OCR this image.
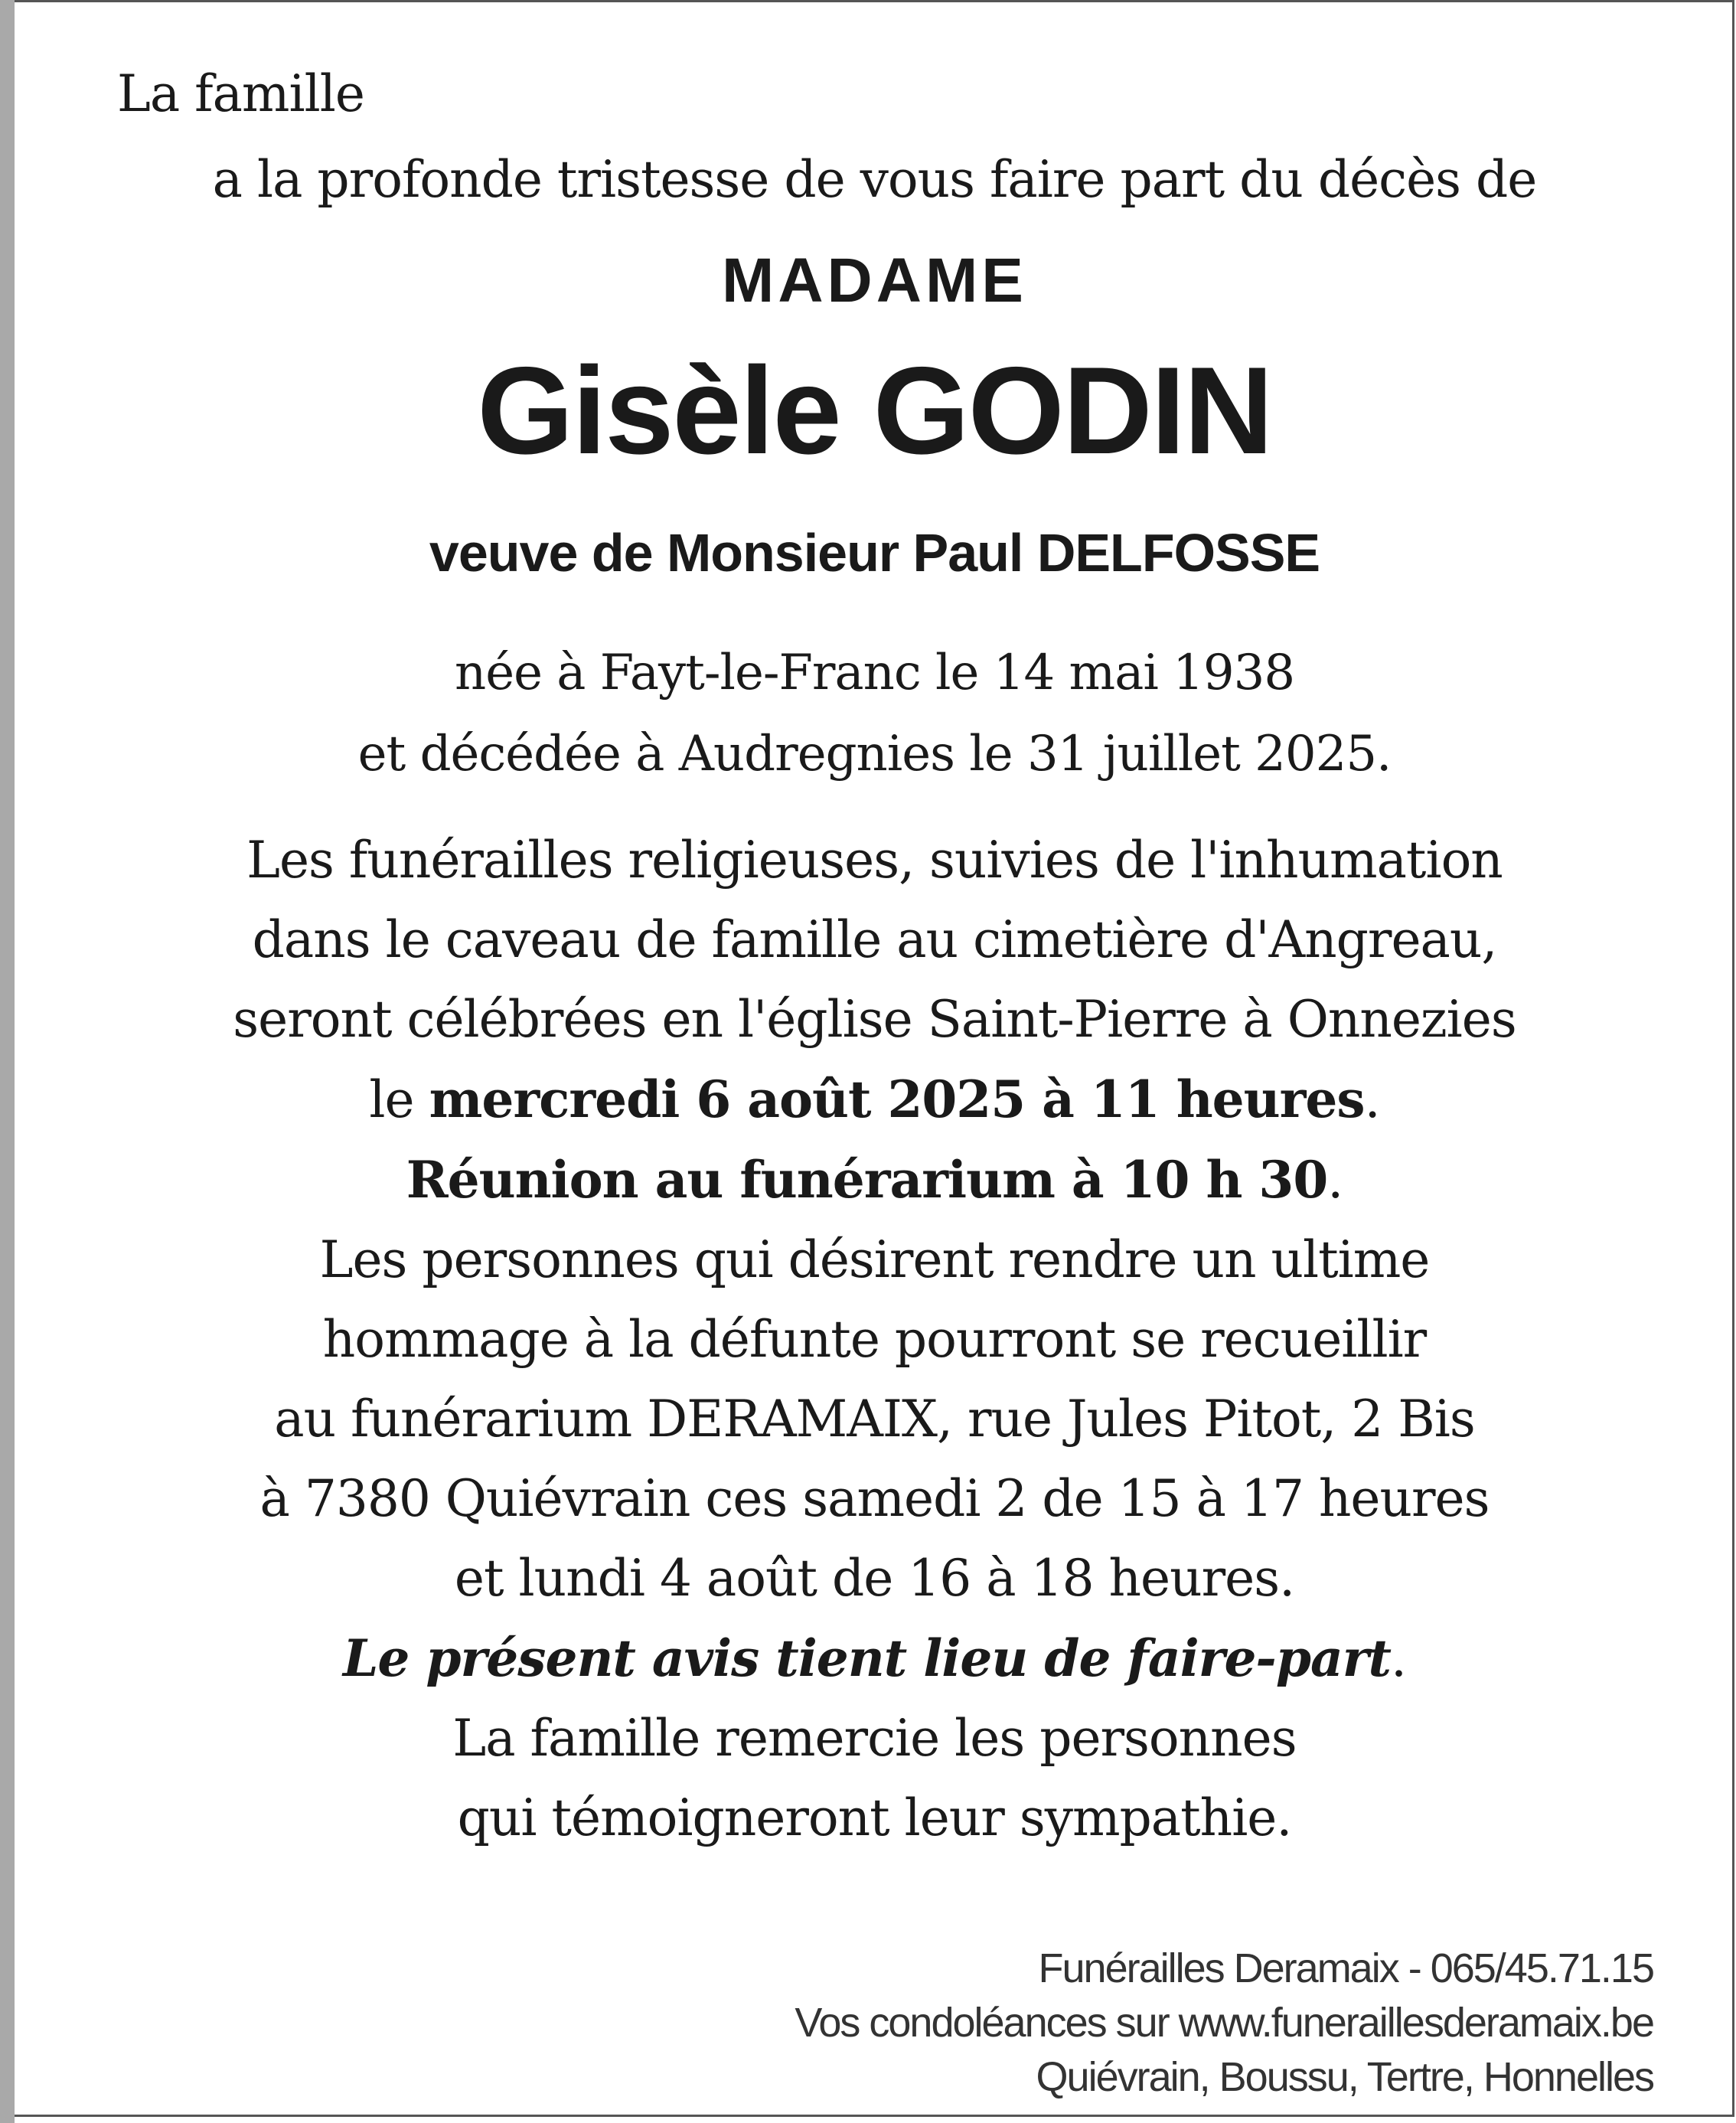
La famille
a la profonde tristesse de vous faire part du décès de
MADAME
Gisèle GODIN
veuve de Monsieur Paul DELFOSSE
née à Fayt-le-Franc le 14 mai 1938
et décédée à Audregnies le 31 juillet 2025.
Les funérailles religieuses, suivies de l'inhumation
dans le caveau de famille au cimetière d'Angreau,
seront célébrées en l'église Saint-Pierre à Onnezies
le mercredi 6 août 2025 à 11 heures.
Réunion au funérarium à 10 h 30.
Les personnes qui désirent rendre un ultime
hommage à la défunte pourront se recueillir
au funérarium DERAMAIX, rue Jules Pitot, 2 Bis
à 7380 Quiévrain ces samedi 2 de 15 à 17 heures
et lundi 4 août de 16 à 18 heures.
Le présent avis tient lieu de faire-part.
La famille remercie les personnes
qui témoigneront leur sympathie.
Funérailles Deramaix - 065/45.71.15
Vos condoléances sur www.funeraillesderamaix.be
Quiévrain, Boussu, Tertre, Honnelles
